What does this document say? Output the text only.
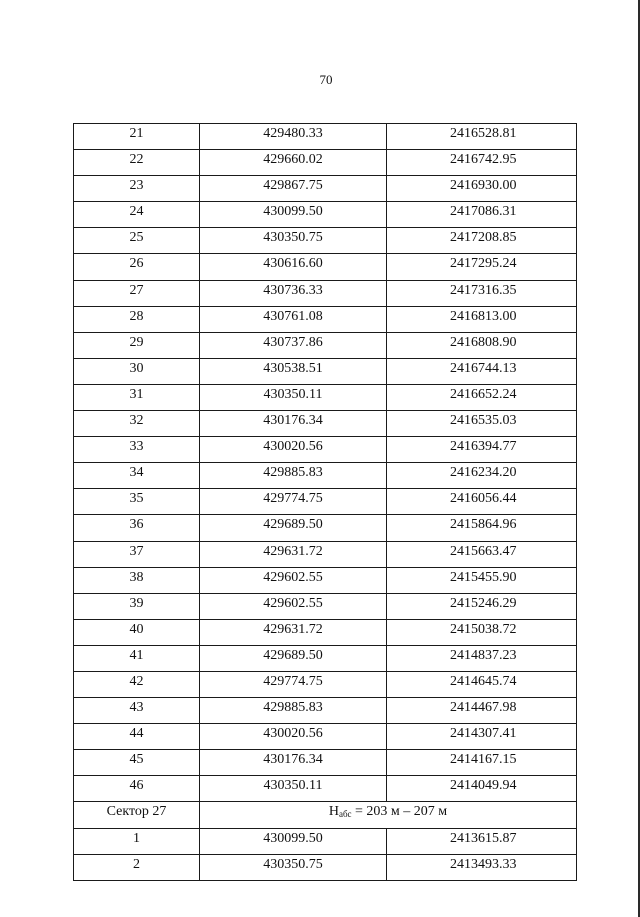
70
21	429480.33	2416528.81
22	429660.02	2416742.95
23	429867.75	2416930.00
24	430099.50	2417086.31
25	430350.75	2417208.85
26	430616.60	2417295.24
27	430736.33	2417316.35
28	430761.08	2416813.00
29	430737.86	2416808.90
30	430538.51	2416744.13
31	430350.11	2416652.24
32	430176.34	2416535.03
33	430020.56	2416394.77
34	429885.83	2416234.20
35	429774.75	2416056.44
36	429689.50	2415864.96
37	429631.72	2415663.47
38	429602.55	2415455.90
39	429602.55	2415246.29
40	429631.72	2415038.72
41	429689.50	2414837.23
42	429774.75	2414645.74
43	429885.83	2414467.98
44	430020.56	2414307.41
45	430176.34	2414167.15
46	430350.11	2414049.94
Сектор 27	$H_{абс} = 203$ м – 207 м	
1	430099.50	2413615.87
2	430350.75	2413493.33
